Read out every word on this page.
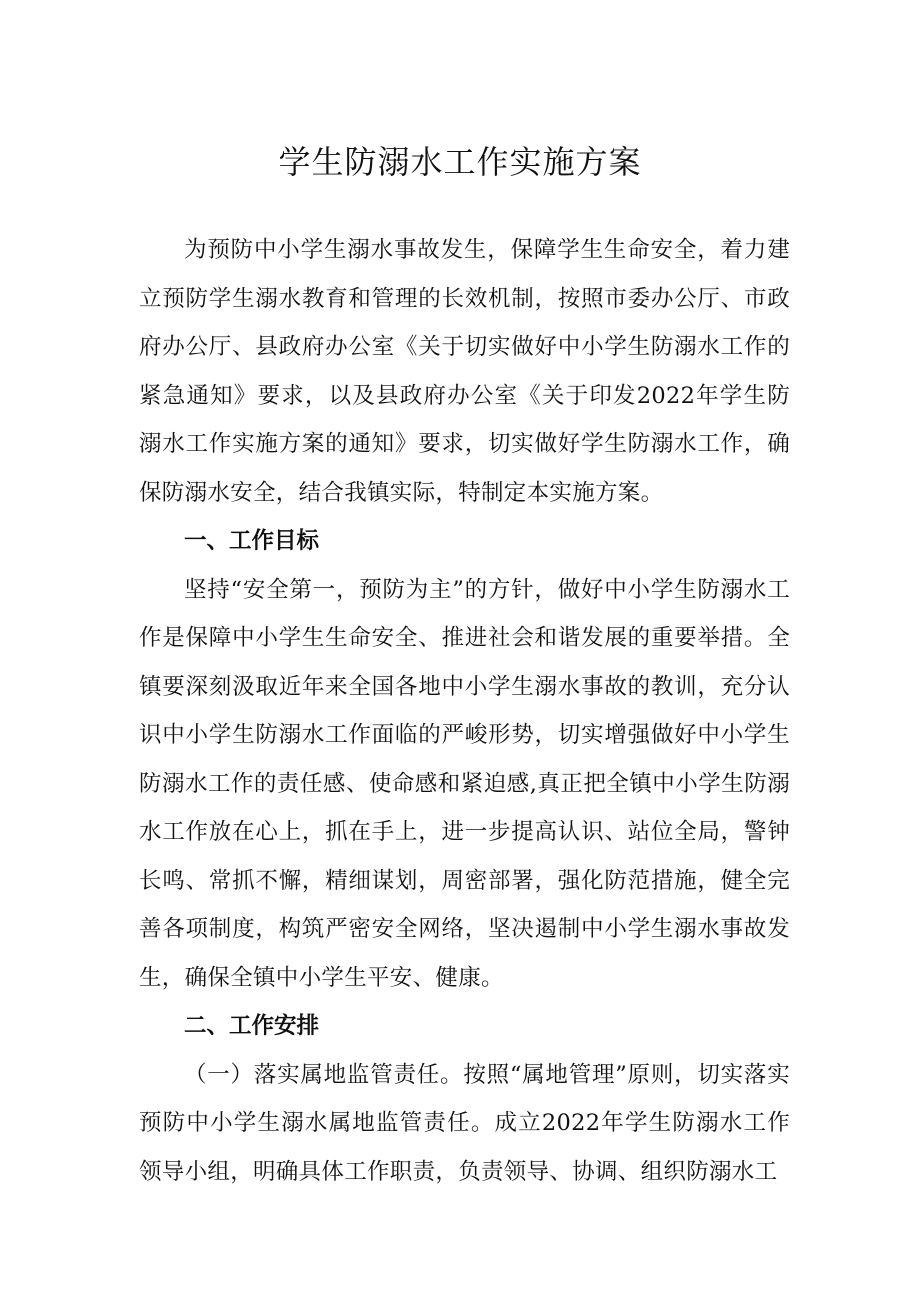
学生防溺水工作实施方案

为预防中小学生溺水事故发生，保障学生生命安全，着力建立预防学生溺水教育和管理的长效机制，按照市委办公厅、市政府办公厅、县政府办公室《关于切实做好中小学生防溺水工作的紧急通知》要求，以及县政府办公室《关于印发2022年学生防溺水工作实施方案的通知》要求，切实做好学生防溺水工作，确保防溺水安全，结合我镇实际，特制定本实施方案。

一、工作目标

坚持“安全第一，预防为主”的方针，做好中小学生防溺水工作是保障中小学生生命安全、推进社会和谐发展的重要举措。全镇要深刻汲取近年来全国各地中小学生溺水事故的教训，充分认识中小学生防溺水工作面临的严峻形势，切实增强做好中小学生防溺水工作的责任感、使命感和紧迫感,真正把全镇中小学生防溺水工作放在心上，抓在手上，进一步提高认识、站位全局，警钟长鸣、常抓不懈，精细谋划，周密部署，强化防范措施，健全完善各项制度，构筑严密安全网络，坚决遏制中小学生溺水事故发生，确保全镇中小学生平安、健康。

二、工作安排

（一）落实属地监管责任。按照“属地管理”原则，切实落实预防中小学生溺水属地监管责任。成立2022年学生防溺水工作领导小组，明确具体工作职责，负责领导、协调、组织防溺水工
